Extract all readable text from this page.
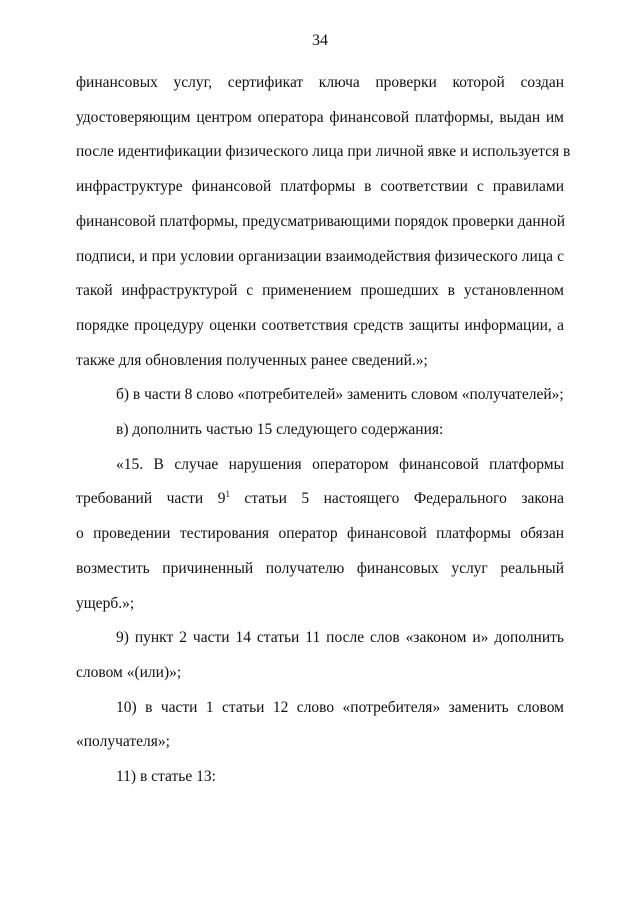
34
финансовых услуг, сертификат ключа проверки которой создан
удостоверяющим центром оператора финансовой платформы, выдан им
после идентификации физического лица при личной явке и используется в
инфраструктуре финансовой платформы в соответствии с правилами
финансовой платформы, предусматривающими порядок проверки данной
подписи, и при условии организации взаимодействия физического лица с
такой инфраструктурой с применением прошедших в установленном
порядке процедуру оценки соответствия средств защиты информации, а
также для обновления полученных ранее сведений.»;
б) в части 8 слово «потребителей» заменить словом «получателей»;
в) дополнить частью 15 следующего содержания:
«15. В случае нарушения оператором финансовой платформы
требований части $9^1$ статьи 5 настоящего Федерального закона
о проведении тестирования оператор финансовой платформы обязан
возместить причиненный получателю финансовых услуг реальный
ущерб.»;
9) пункт 2 части 14 статьи 11 после слов «законом и» дополнить
словом «(или)»;
10) в части 1 статьи 12 слово «потребителя» заменить словом
«получателя»;
11) в статье 13:
